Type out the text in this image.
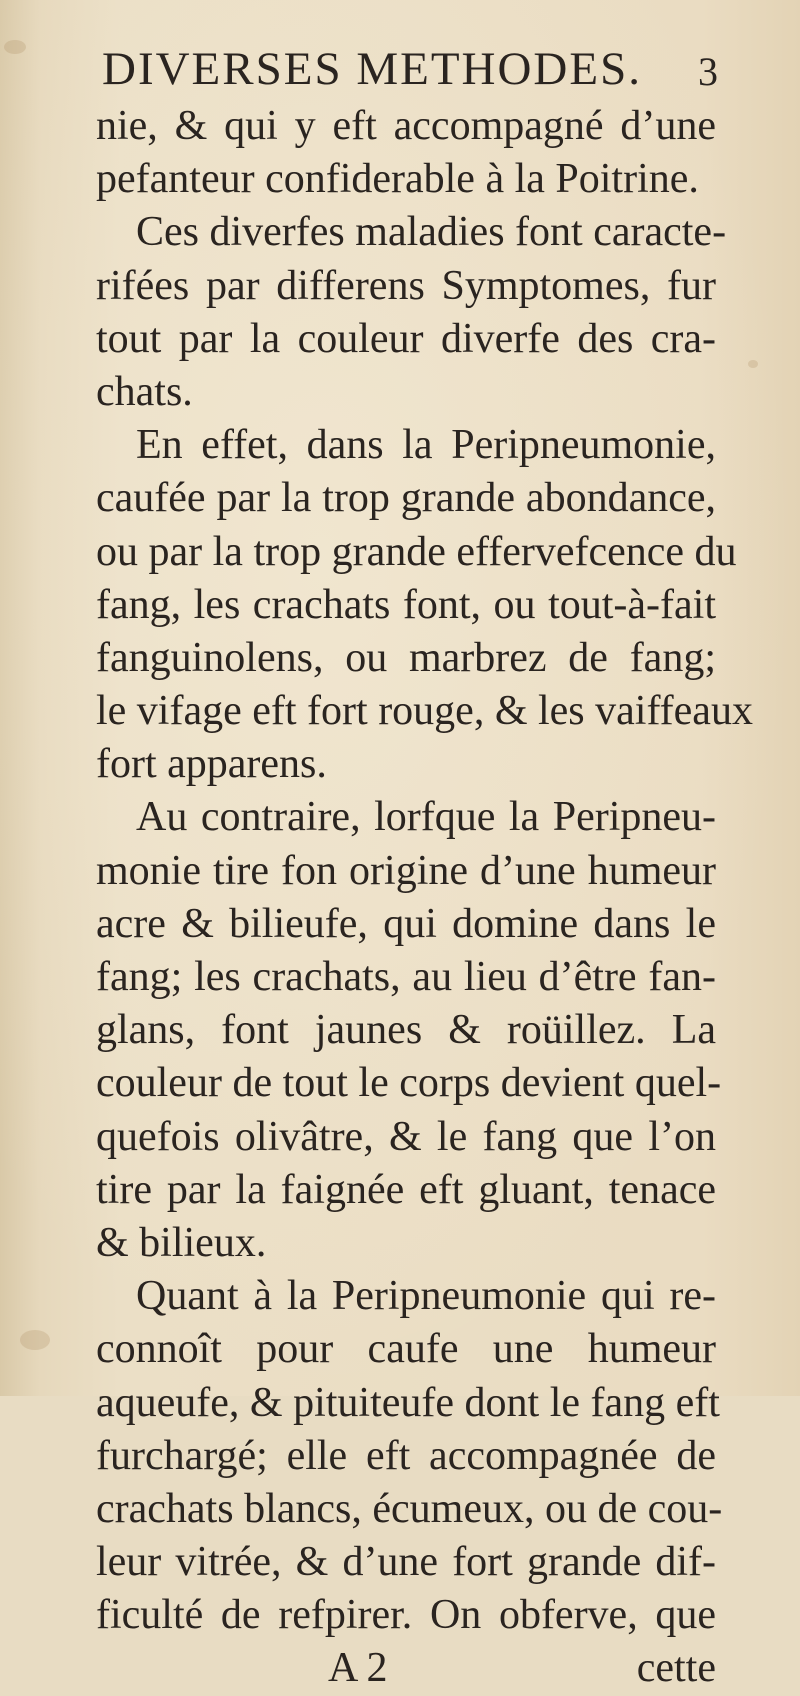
DIVERSES METHODES. 3
nie, & qui y eft accompagné d’une
pefanteur confiderable à la Poitrine.
Ces diverfes maladies font caracte-
rifées par differens Symptomes, fur
tout par la couleur diverfe des cra-
chats.
En effet, dans la Peripneumonie,
caufée par la trop grande abondance,
ou par la trop grande effervefcence du
fang, les crachats font, ou tout-à-fait
fanguinolens, ou marbrez de fang;
le vifage eft fort rouge, & les vaiffeaux
fort apparens.
Au contraire, lorfque la Peripneu-
monie tire fon origine d’une humeur
acre & bilieufe, qui domine dans le
fang; les crachats, au lieu d’être fan-
glans, font jaunes & roüillez. La
couleur de tout le corps devient quel-
quefois olivâtre, & le fang que l’on
tire par la faignée eft gluant, tenace
& bilieux.
Quant à la Peripneumonie qui re-
connoît pour caufe une humeur
aqueufe, & pituiteufe dont le fang eft
furchargé; elle eft accompagnée de
crachats blancs, écumeux, ou de cou-
leur vitrée, & d’une fort grande dif-
ficulté de refpirer. On obferve, que
A 2	cette
